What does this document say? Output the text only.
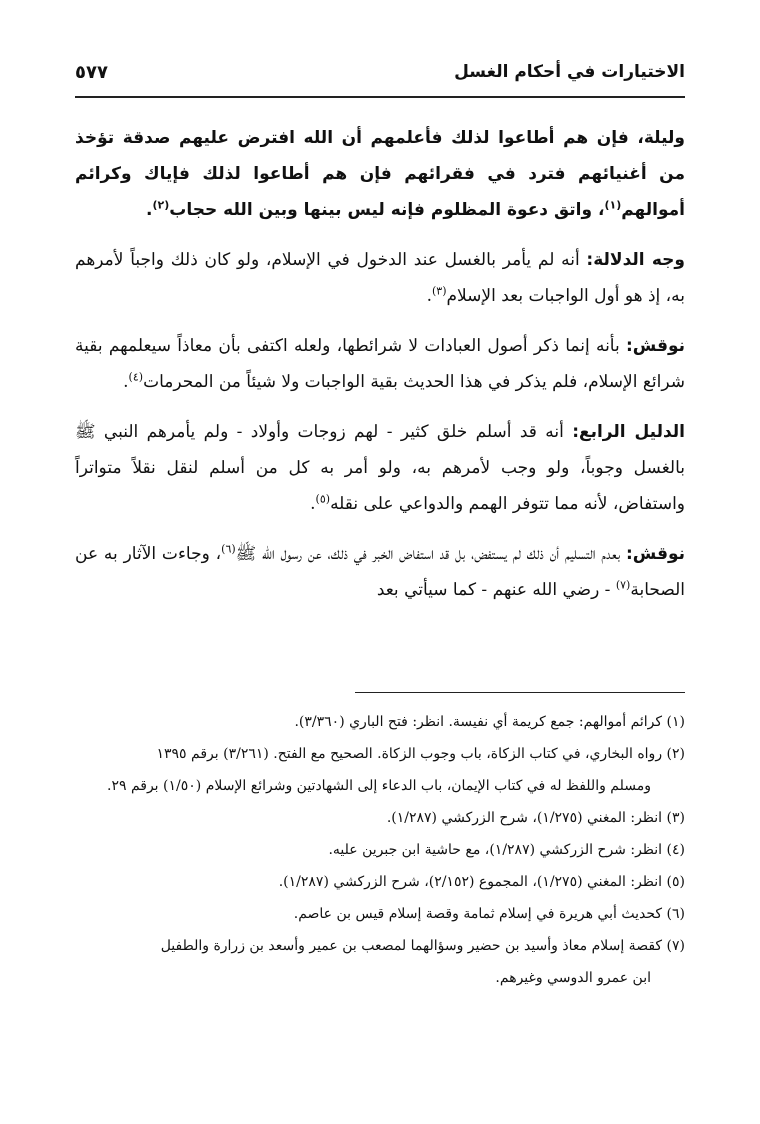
الاختيارات في أحكام الغسل
٥٧٧

وليلة، فإن هم أطاعوا لذلك فأعلمهم أن الله افترض عليهم صدقة تؤخذ من أغنيائهم فترد في فقرائهم فإن هم أطاعوا لذلك فإياك وكرائم أموالهم$^{(١)}$، واتق دعوة المظلوم فإنه ليس بينها وبين الله حجاب$^{(٢)}$.

وجه الدلالة: أنه لم يأمر بالغسل عند الدخول في الإسلام، ولو كان ذلك واجباً لأمرهم به، إذ هو أول الواجبات بعد الإسلام$^{(٣)}$.

نوقش: بأنه إنما ذكر أصول العبادات لا شرائطها، ولعله اكتفى بأن معاذاً سيعلمهم بقية شرائع الإسلام، فلم يذكر في هذا الحديث بقية الواجبات ولا شيئاً من المحرمات$^{(٤)}$.

الدليل الرابع: أنه قد أسلم خلق كثير - لهم زوجات وأولاد - ولم يأمرهم النبي ﷺ بالغسل وجوباً، ولو وجب لأمرهم به، ولو أمر به كل من أسلم لنقل نقلاً متواتراً واستفاض، لأنه مما تتوفر الهمم والدواعي على نقله$^{(٥)}$.

نوقش: بعدم التسليم أن ذلك لم يستفض، بل قد استفاض الخبر في ذلك، عن رسول الله ﷺ$^{(٦)}$، وجاءت الآثار به عن الصحابة$^{(٧)}$ - رضي الله عنهم - كما سيأتي بعد

(١) كرائم أموالهم: جمع كريمة أي نفيسة. انظر: فتح الباري (٣/٣٦٠).

(٢) رواه البخاري، في كتاب الزكاة، باب وجوب الزكاة. الصحيح مع الفتح. (٣/٢٦١) برقم ١٣٩٥

ومسلم واللفظ له في كتاب الإيمان، باب الدعاء إلى الشهادتين وشرائع الإسلام (١/٥٠) برقم ٢٩.

(٣) انظر: المغني (١/٢٧٥)، شرح الزركشي (١/٢٨٧).

(٤) انظر: شرح الزركشي (١/٢٨٧)، مع حاشية ابن جبرين عليه.

(٥) انظر: المغني (١/٢٧٥)، المجموع (٢/١٥٢)، شرح الزركشي (١/٢٨٧).

(٦) كحديث أبي هريرة في إسلام ثمامة وقصة إسلام قيس بن عاصم.

(٧) كقصة إسلام معاذ وأسيد بن حضير وسؤالهما لمصعب بن عمير وأسعد بن زرارة والطفيل

ابن عمرو الدوسي وغيرهم.
